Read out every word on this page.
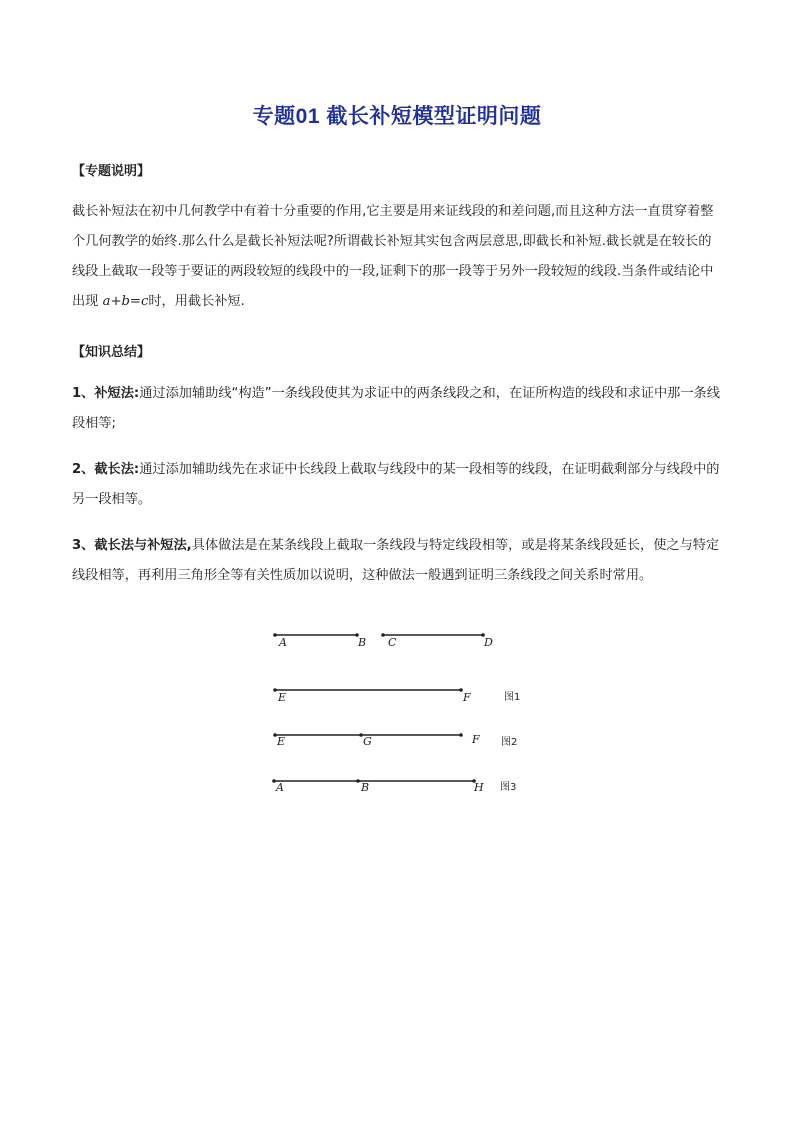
专题01 截长补短模型证明问题
【专题说明】
截长补短法在初中几何教学中有着十分重要的作用,它主要是用来证线段的和差问题,而且这种方法一直贯穿着整个几何教学的始终.那么什么是截长补短法呢?所谓截长补短其实包含两层意思,即截长和补短.截长就是在较长的线段上截取一段等于要证的两段较短的线段中的一段,证剩下的那一段等于另外一段较短的线段.当条件或结论中出现 a+b=c时，用截长补短.
【知识总结】
1、补短法:通过添加辅助线“构造”一条线段使其为求证中的两条线段之和，在证所构造的线段和求证中那一条线段相等;
2、截长法:通过添加辅助线先在求证中长线段上截取与线段中的某一段相等的线段，在证明截剩部分与线段中的另一段相等。
3、截长法与补短法,具体做法是在某条线段上截取一条线段与特定线段相等，或是将某条线段延长，使之与特定线段相等，再利用三角形全等有关性质加以说明，这种做法一般遇到证明三条线段之间关系时常用。
A	B C	D
E	F	图1
E	G	F 图2
A	B	H 图3
